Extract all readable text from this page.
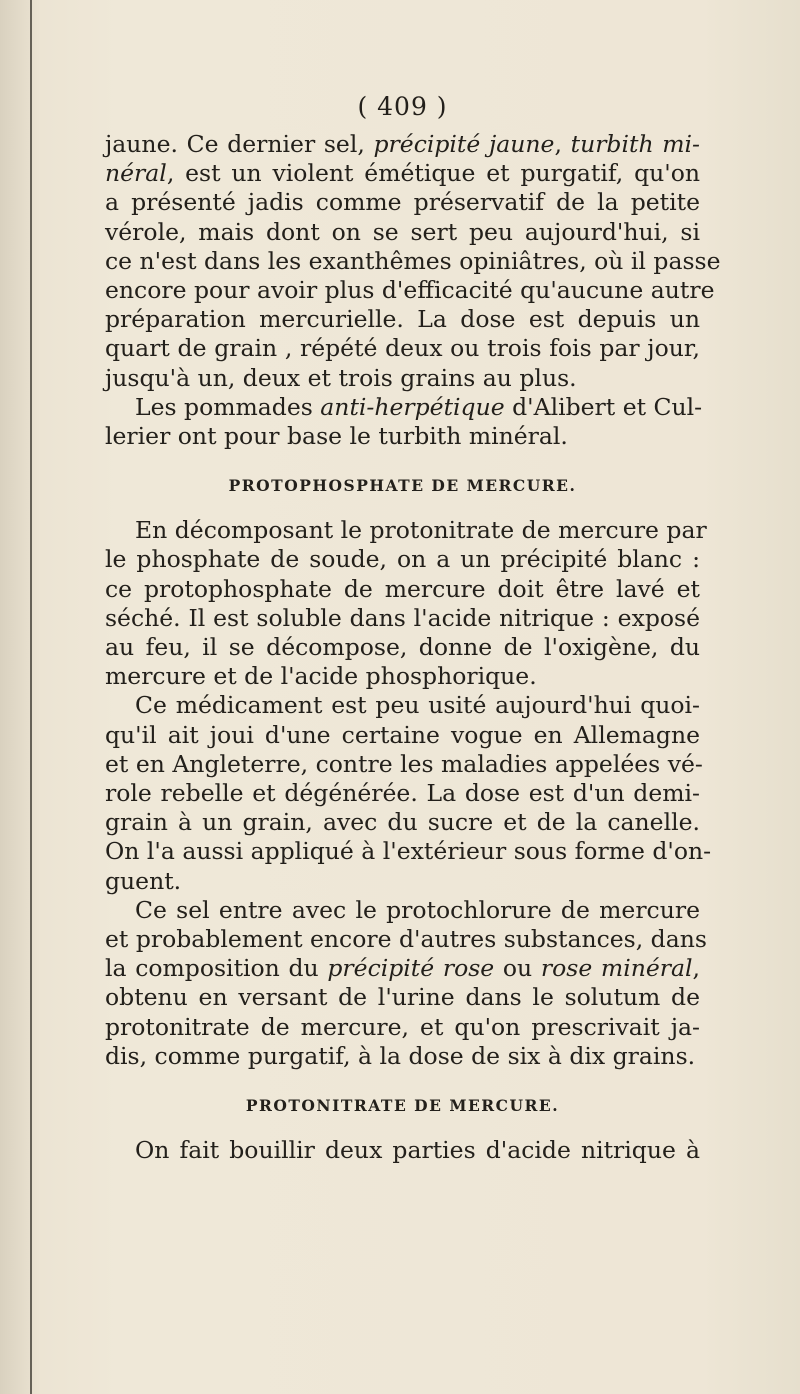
( 409 )
jaune. Ce dernier sel, précipité jaune, turbith mi-
néral, est un violent émétique et purgatif, qu'on
a présenté jadis comme préservatif de la petite
vérole, mais dont on se sert peu aujourd'hui, si
ce n'est dans les exanthêmes opiniâtres, où il passe
encore pour avoir plus d'efficacité qu'aucune autre
préparation mercurielle. La dose est depuis un
quart de grain , répété deux ou trois fois par jour,
jusqu'à un, deux et trois grains au plus.
Les pommades anti-herpétique d'Alibert et Cul-
lerier ont pour base le turbith minéral.
PROTOPHOSPHATE DE MERCURE.
En décomposant le protonitrate de mercure par
le phosphate de soude, on a un précipité blanc :
ce protophosphate de mercure doit être lavé et
séché. Il est soluble dans l'acide nitrique : exposé
au feu, il se décompose, donne de l'oxigène, du
mercure et de l'acide phosphorique.
Ce médicament est peu usité aujourd'hui quoi-
qu'il ait joui d'une certaine vogue en Allemagne
et en Angleterre, contre les maladies appelées vé-
role rebelle et dégénérée. La dose est d'un demi-
grain à un grain, avec du sucre et de la canelle.
On l'a aussi appliqué à l'extérieur sous forme d'on-
guent.
Ce sel entre avec le protochlorure de mercure
et probablement encore d'autres substances, dans
la composition du précipité rose ou rose minéral,
obtenu en versant de l'urine dans le solutum de
protonitrate de mercure, et qu'on prescrivait ja-
dis, comme purgatif, à la dose de six à dix grains.
PROTONITRATE DE MERCURE.
On fait bouillir deux parties d'acide nitrique à
